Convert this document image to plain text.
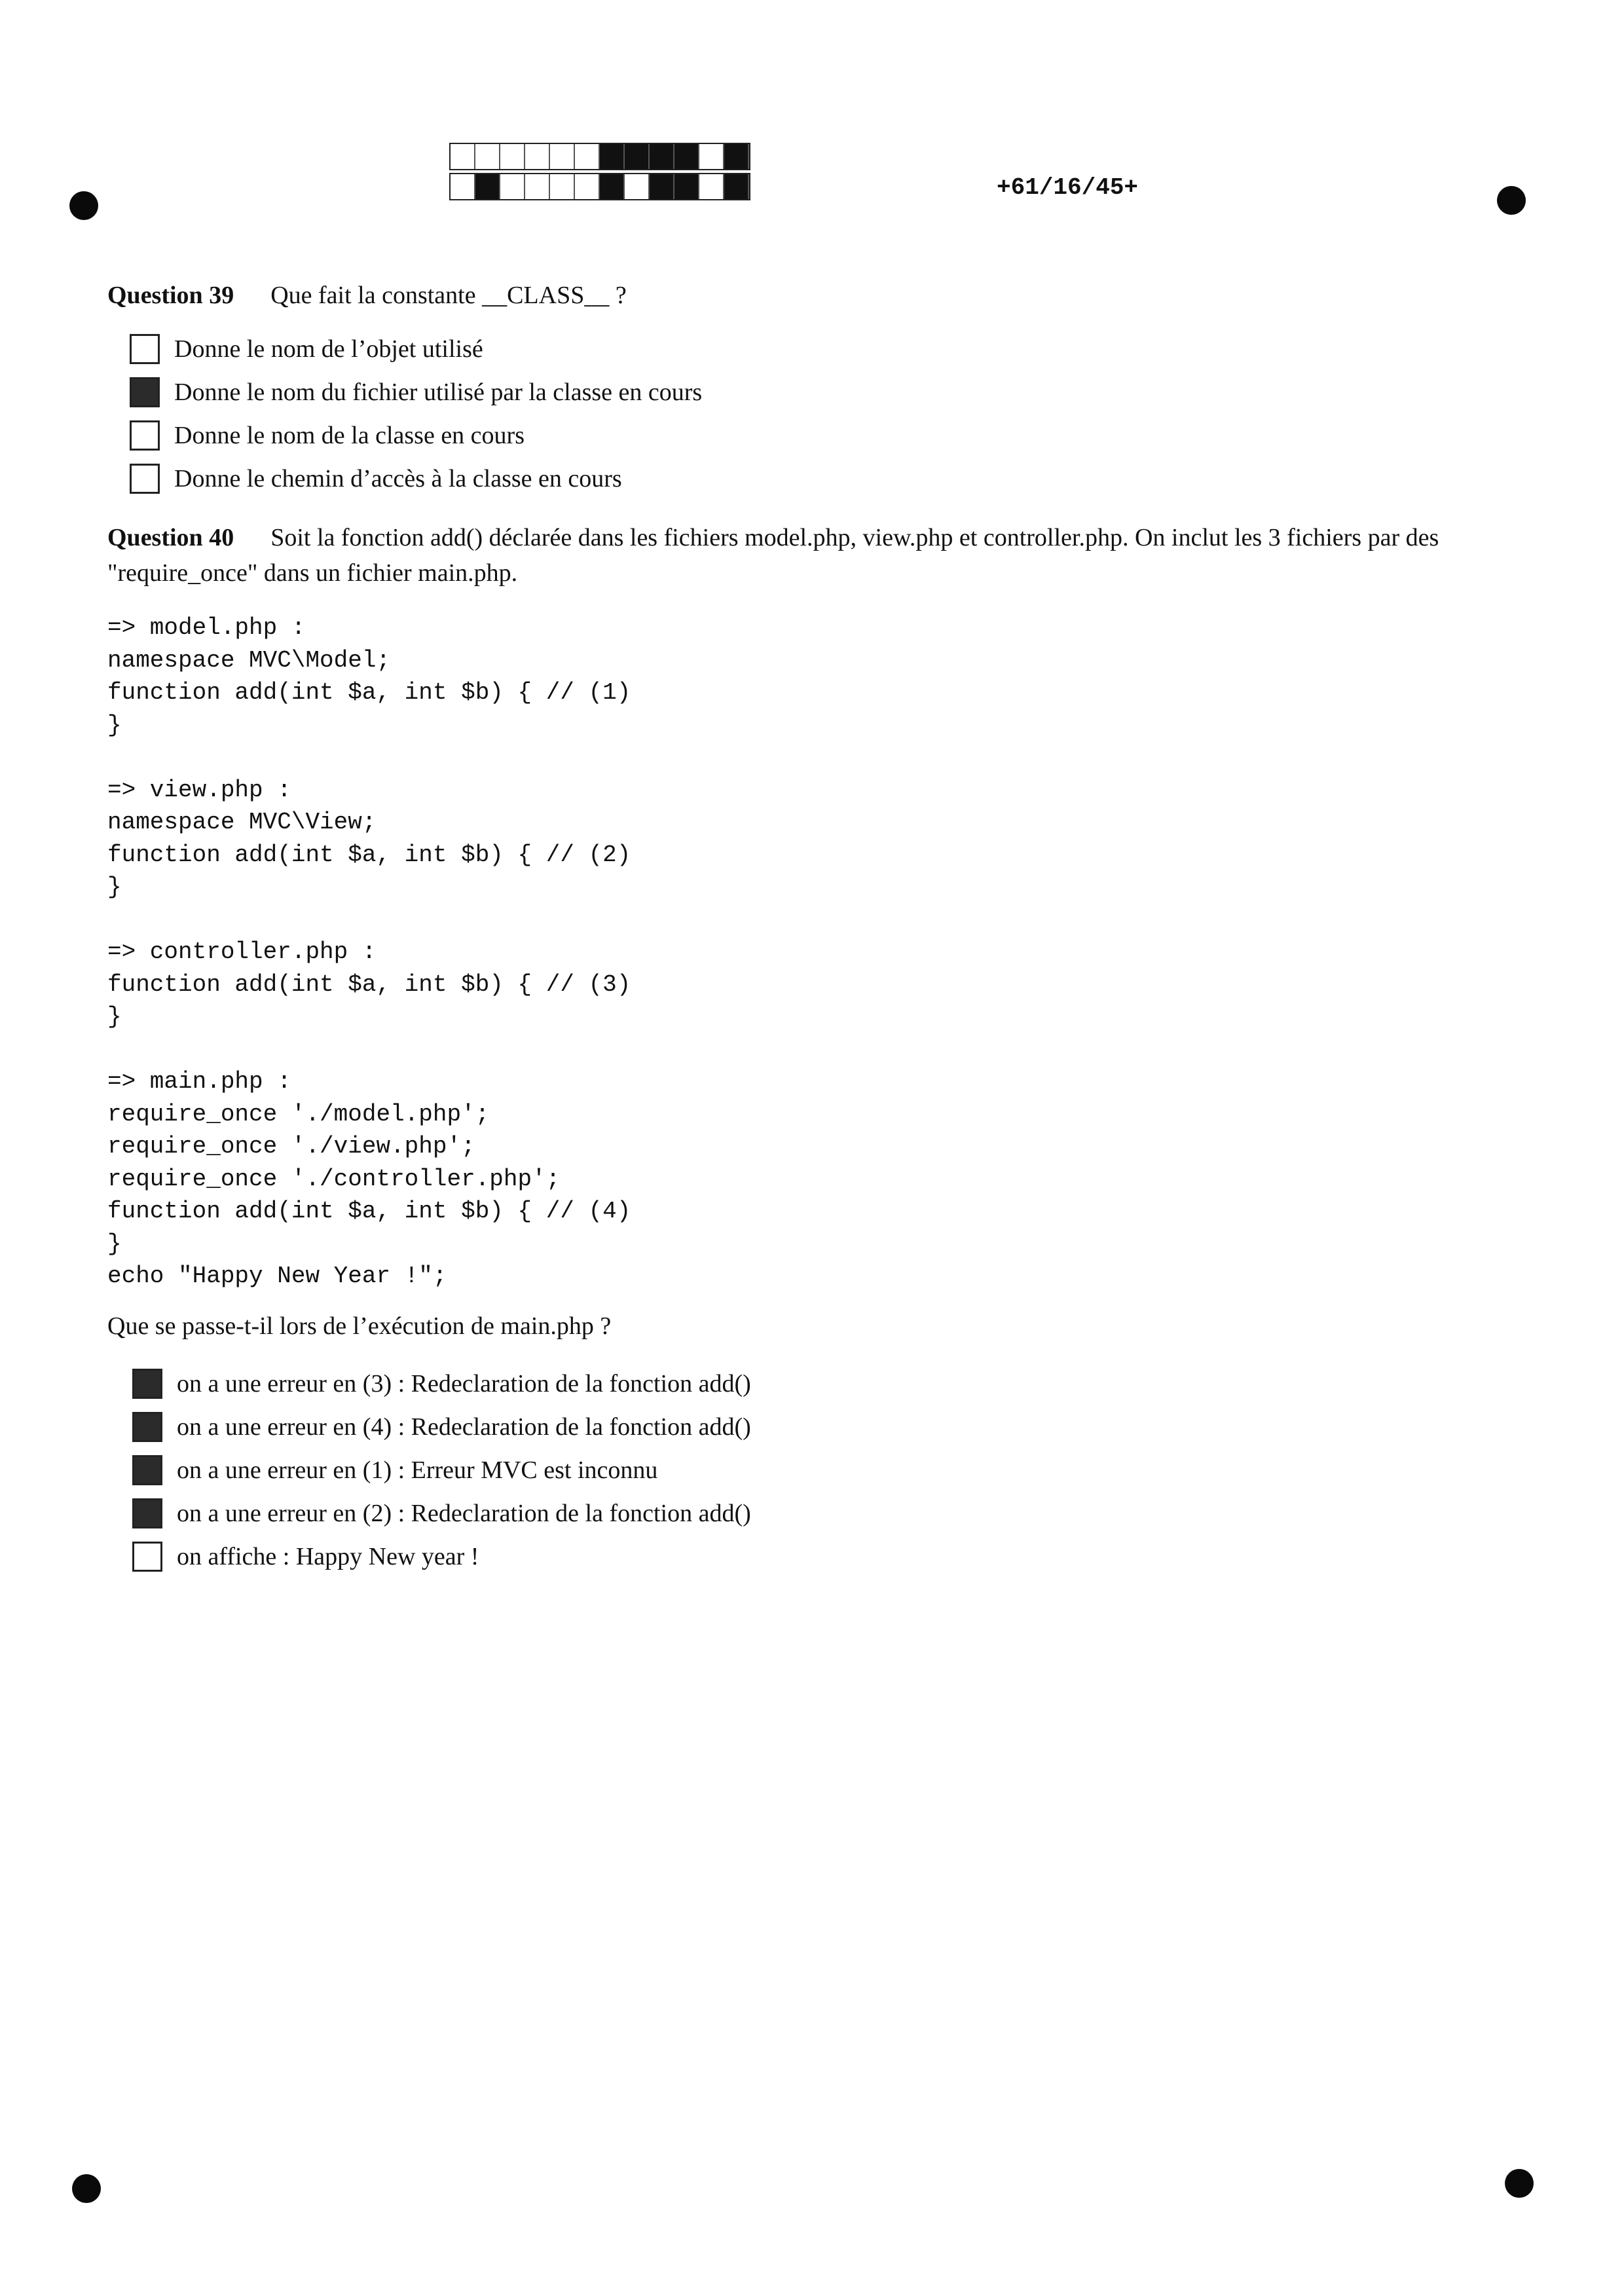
+61/16/45+
Question 39 Que fait la constante __CLASS__ ?
Donne le nom de l’objet utilisé
Donne le nom du fichier utilisé par la classe en cours
Donne le nom de la classe en cours
Donne le chemin d’accès à la classe en cours
Question 40 Soit la fonction add() déclarée dans les fichiers model.php, view.php et controller.php. On inclut les 3 fichiers par des "require_once" dans un fichier main.php.
=> model.php :
namespace MVC\Model;
function add(int $a, int $b) { // (1)
}

=> view.php :
namespace MVC\View;
function add(int $a, int $b) { // (2)
}

=> controller.php :
function add(int $a, int $b) { // (3)
}

=> main.php :
require_once './model.php';
require_once './view.php';
require_once './controller.php';
function add(int $a, int $b) { // (4)
}
echo "Happy New Year !";
Que se passe-t-il lors de l’exécution de main.php ?
on a une erreur en (3) : Redeclaration de la fonction add()
on a une erreur en (4) : Redeclaration de la fonction add()
on a une erreur en (1) : Erreur MVC est inconnu
on a une erreur en (2) : Redeclaration de la fonction add()
on affiche : Happy New year !
